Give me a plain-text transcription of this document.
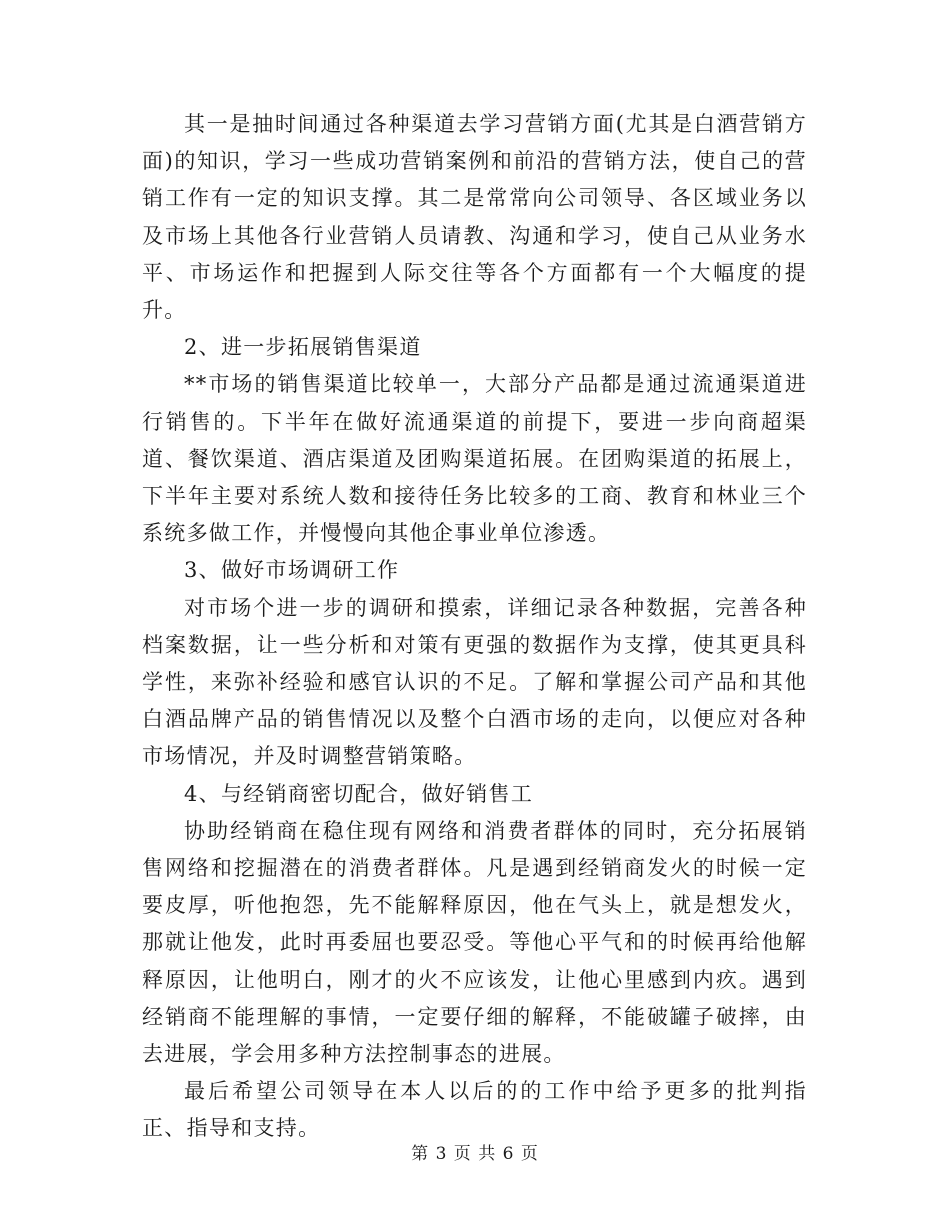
其一是抽时间通过各种渠道去学习营销方面(尤其是白酒营销方面)的知识，学习一些成功营销案例和前沿的营销方法，使自己的营销工作有一定的知识支撑。其二是常常向公司领导、各区域业务以及市场上其他各行业营销人员请教、沟通和学习，使自己从业务水平、市场运作和把握到人际交往等各个方面都有一个大幅度的提升。

2、进一步拓展销售渠道

**市场的销售渠道比较单一，大部分产品都是通过流通渠道进行销售的。下半年在做好流通渠道的前提下，要进一步向商超渠道、餐饮渠道、酒店渠道及团购渠道拓展。在团购渠道的拓展上，下半年主要对系统人数和接待任务比较多的工商、教育和林业三个系统多做工作，并慢慢向其他企事业单位渗透。

3、做好市场调研工作

对市场个进一步的调研和摸索，详细记录各种数据，完善各种档案数据，让一些分析和对策有更强的数据作为支撑，使其更具科学性，来弥补经验和感官认识的不足。了解和掌握公司产品和其他白酒品牌产品的销售情况以及整个白酒市场的走向，以便应对各种市场情况，并及时调整营销策略。

4、与经销商密切配合，做好销售工

协助经销商在稳住现有网络和消费者群体的同时，充分拓展销售网络和挖掘潜在的消费者群体。凡是遇到经销商发火的时候一定要皮厚，听他抱怨，先不能解释原因，他在气头上，就是想发火，那就让他发，此时再委屈也要忍受。等他心平气和的时候再给他解释原因，让他明白，刚才的火不应该发，让他心里感到内疚。遇到经销商不能理解的事情，一定要仔细的解释，不能破罐子破摔，由去进展，学会用多种方法控制事态的进展。

最后希望公司领导在本人以后的的工作中给予更多的批判指正、指导和支持。

第 3 页 共 6 页
